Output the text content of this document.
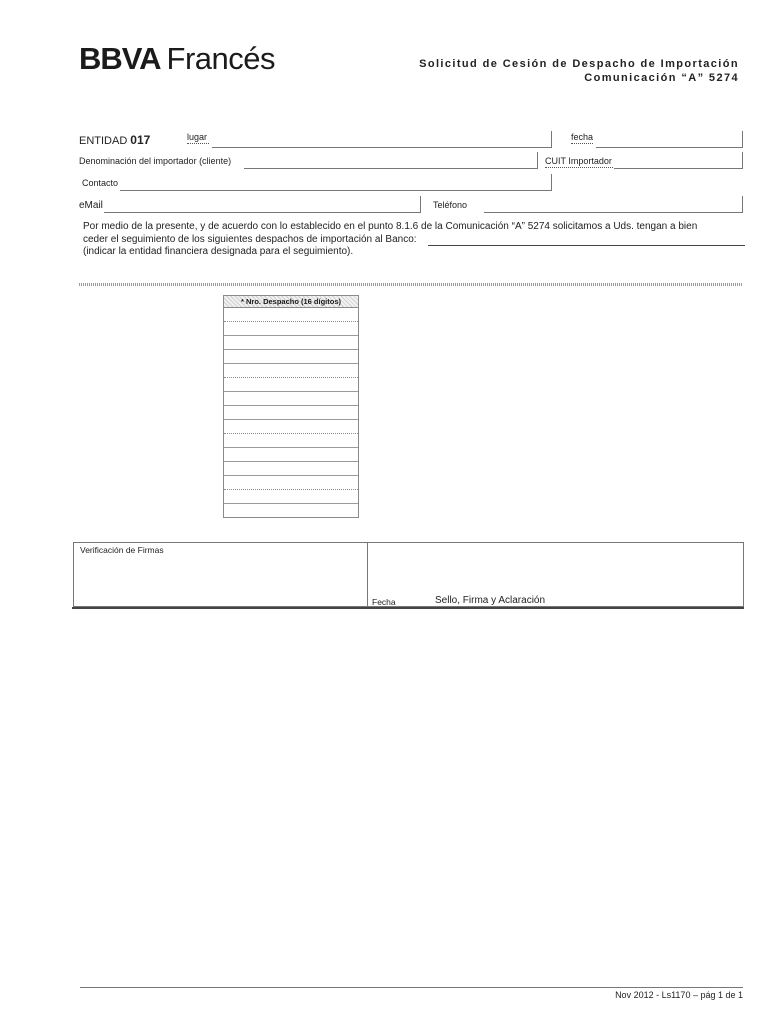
BBVA Francés	Solicitud de Cesión de Despacho de Importación
Comunicación “A” 5274
ENTIDAD 017	lugar	fecha
Denominación del importador (cliente)	CUIT Importador
Contacto
eMail	Teléfono
Por medio de la presente, y de acuerdo con lo establecido en el punto 8.1.6 de la Comunicación “A” 5274 solicitamos a Uds. tengan a bien
ceder el seguimiento de los siguientes despachos de importación al Banco:
(indicar la entidad financiera designada para el seguimiento).
* Nro. Despacho (16 dígitos)
Verificación de Firmas
Fecha	Sello, Firma y Aclaración
Nov 2012 - Ls1170 – pág 1 de 1
